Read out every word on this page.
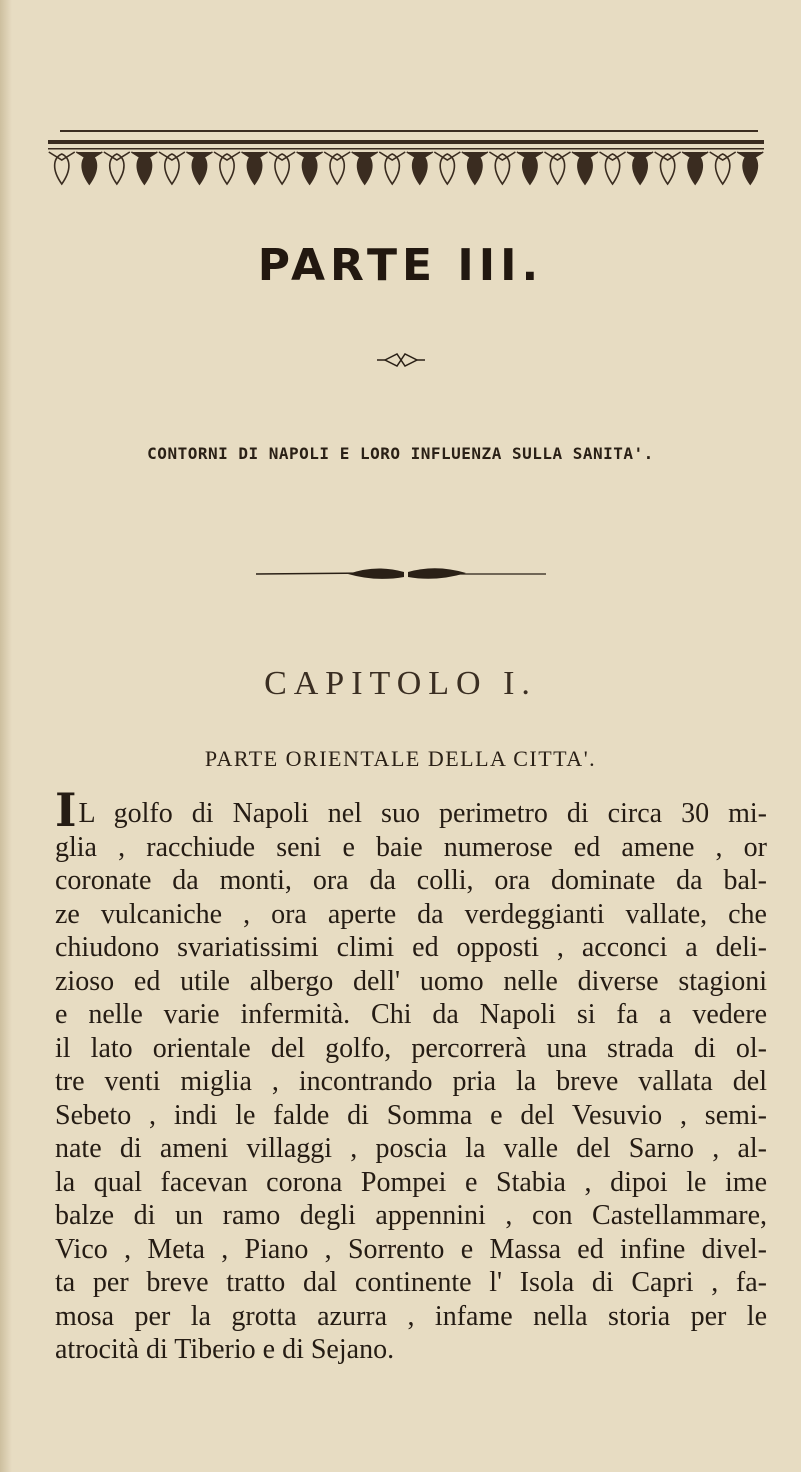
PARTE III.
CONTORNI DI NAPOLI E LORO INFLUENZA SULLA SANITA'.
CAPITOLO I.
PARTE ORIENTALE DELLA CITTA'.
IL golfo di Napoli nel suo perimetro di circa 30 mi-
glia , racchiude seni e baie numerose ed amene , or
coronate da monti, ora da colli, ora dominate da bal-
ze vulcaniche , ora aperte da verdeggianti vallate, che
chiudono svariatissimi climi ed opposti , acconci a deli-
zioso ed utile albergo dell' uomo nelle diverse stagioni
e nelle varie infermità. Chi da Napoli si fa a vedere
il lato orientale del golfo, percorrerà una strada di ol-
tre venti miglia , incontrando pria la breve vallata del
Sebeto , indi le falde di Somma e del Vesuvio , semi-
nate di ameni villaggi , poscia la valle del Sarno , al-
la qual facevan corona Pompei e Stabia , dipoi le ime
balze di un ramo degli appennini , con Castellammare,
Vico , Meta , Piano , Sorrento e Massa ed infine divel-
ta per breve tratto dal continente l' Isola di Capri , fa-
mosa per la grotta azurra , infame nella storia per le
atrocità di Tiberio e di Sejano.
